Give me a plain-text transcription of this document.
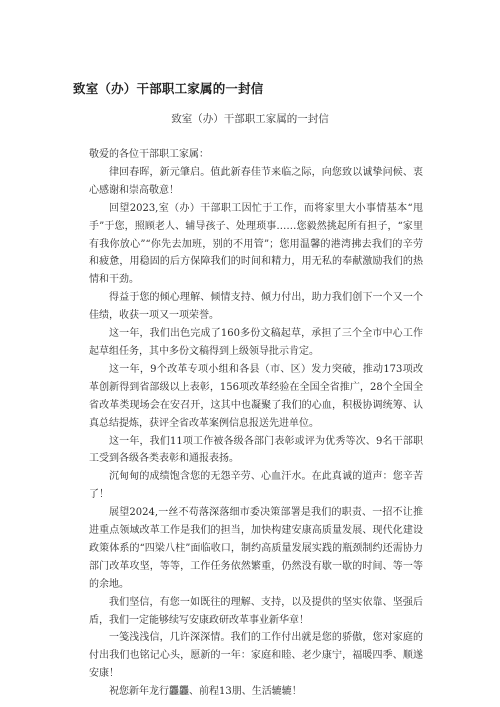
致室（办）干部职工家属的一封信
致室（办）干部职工家属的一封信

敬爱的各位干部职工家属：

律回春晖，新元肇启。值此新春佳节来临之际，向您致以诚挚问候、衷心感谢和崇高敬意！

回望2023,室（办）干部职工因忙于工作，而将家里大小事情基本“甩手”于您，照顾老人、辅导孩子、处理琐事……您毅然挑起所有担子，“家里有我你放心”“你先去加班，别的不用管”；您用温馨的港湾拂去我们的辛劳和疲惫，用稳固的后方保障我们的时间和精力，用无私的奉献激励我们的热情和干劲。

得益于您的倾心理解、倾情支持、倾力付出，助力我们创下一个又一个佳绩，收获一项又一项荣誉。

这一年，我们出色完成了160多份文稿起草，承担了三个全市中心工作起草组任务，其中多份文稿得到上级领导批示肯定。

这一年，9个改革专项小组和各县（市、区）发力突破，推动173项改革创新得到省部级以上表彰，156项改革经验在全国全省推广，28个全国全省改革类现场会在安召开，这其中也凝聚了我们的心血，积极协调统筹、认真总结提炼，获评全省改革案例信息报送先进单位。

这一年，我们11项工作被各级各部门表彰或评为优秀等次、9名干部职工受到各级各类表彰和通报表扬。

沉甸甸的成绩饱含您的无怨辛劳、心血汗水。在此真诚的道声：您辛苦了！

展望2024,一丝不苟落深落细市委决策部署是我们的职责、一招不让推进重点领域改革工作是我们的担当，加快构建安康高质量发展、现代化建设政策体系的“四梁八柱”面临收口，制约高质量发展实践的瓶颈制约还需协力部门改革攻坚，等等，工作任务依然繁重，仍然没有歇一歇的时间、等一等的余地。

我们坚信，有您一如既往的理解、支持，以及提供的坚实依靠、坚强后盾，我们一定能够续写安康政研改革事业新华章！

一笺浅浅信，几许深深情。我们的工作付出就是您的骄傲，您对家庭的付出我们也铭记心头，愿新的一年：家庭和睦、老少康宁，福暖四季、顺遂安康！

祝您新年龙行龘龘、前程13朋、生活辘辘！
